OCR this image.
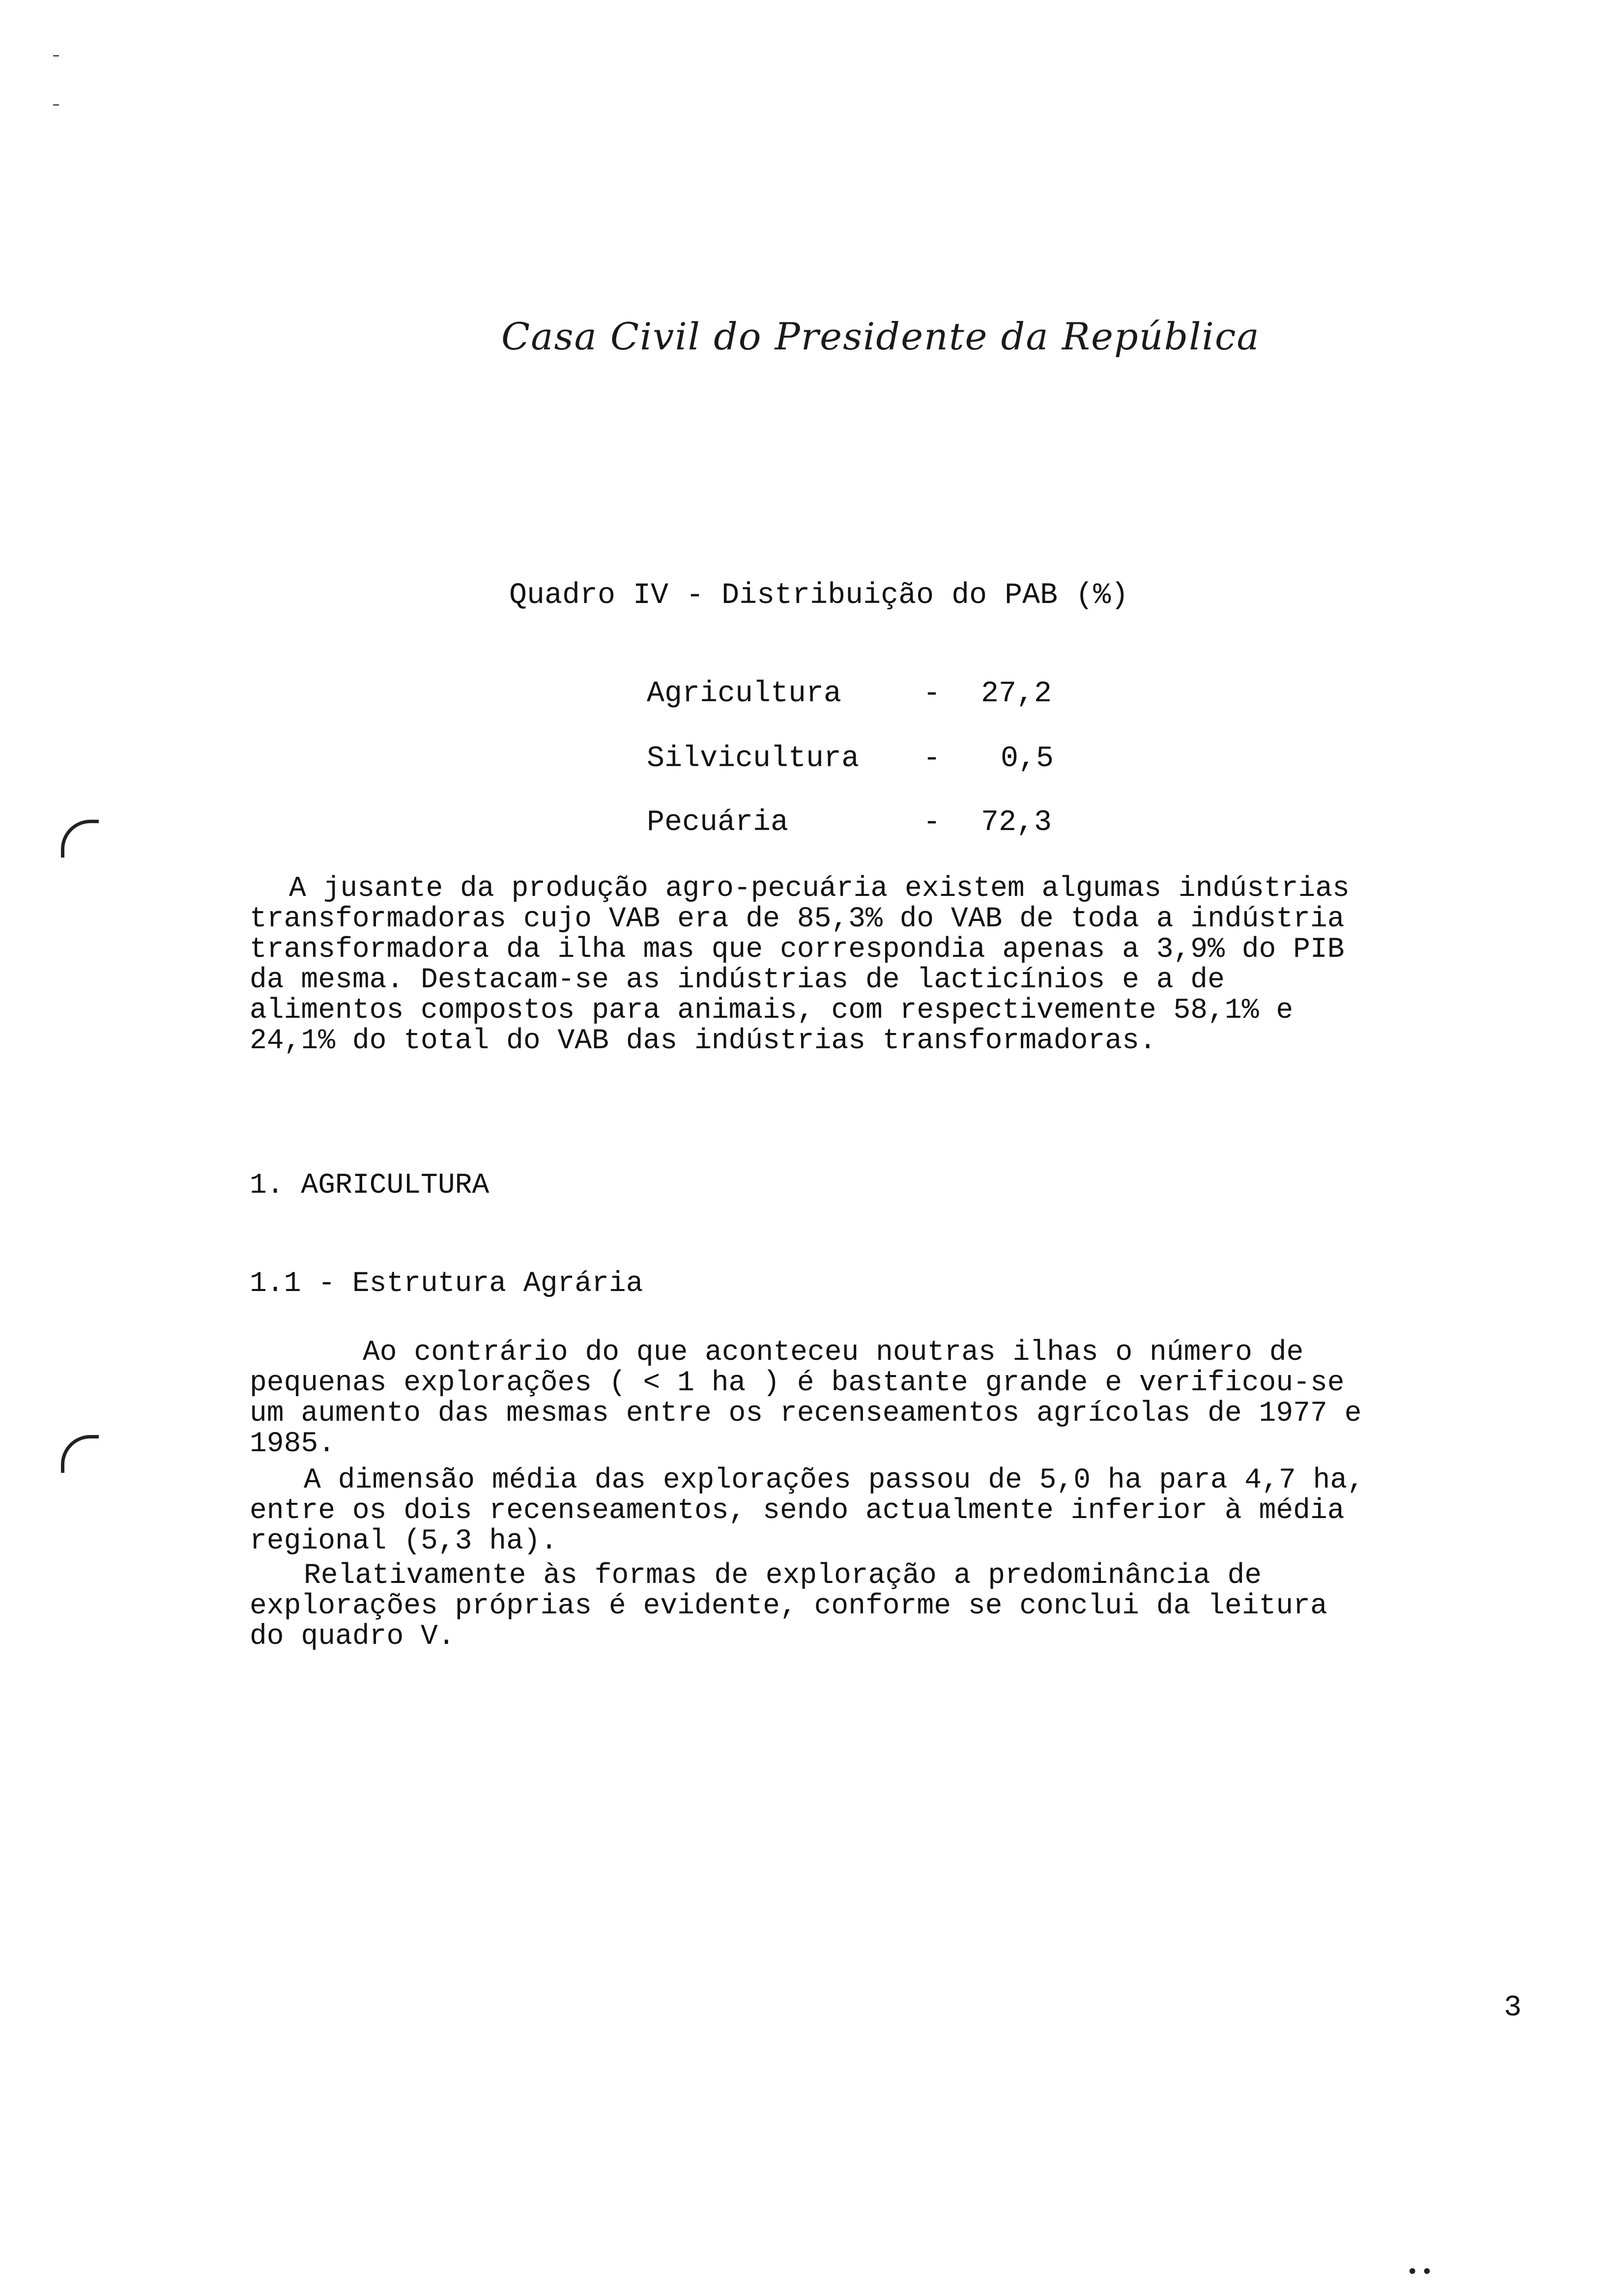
Casa Civil do Presidente da República
Quadro IV - Distribuição do PAB (%)
Agricultura	- 27,2
Silvicultura - 0,5
Pecuária	- 72,3
A jusante da produção agro-pecuária existem algumas indústrias
transformadoras cujo VAB era de 85,3% do VAB de toda a indústria
transformadora da ilha mas que correspondia apenas a 3,9% do PIB
da mesma. Destacam-se as indústrias de lacticínios e a de
alimentos compostos para animais, com respectivemente 58,1% e
24,1% do total do VAB das indústrias transformadoras.
1. AGRICULTURA
1.1 - Estrutura Agrária
Ao contrário do que aconteceu noutras ilhas o número de
pequenas explorações ( < 1 ha ) é bastante grande e verificou-se
um aumento das mesmas entre os recenseamentos agrícolas de 1977 e
1985.
A dimensão média das explorações passou de 5,0 ha para 4,7 ha,
entre os dois recenseamentos, sendo actualmente inferior à média
regional (5,3 ha).
Relativamente às formas de exploração a predominância de
explorações próprias é evidente, conforme se conclui da leitura
do quadro V.
3
••
